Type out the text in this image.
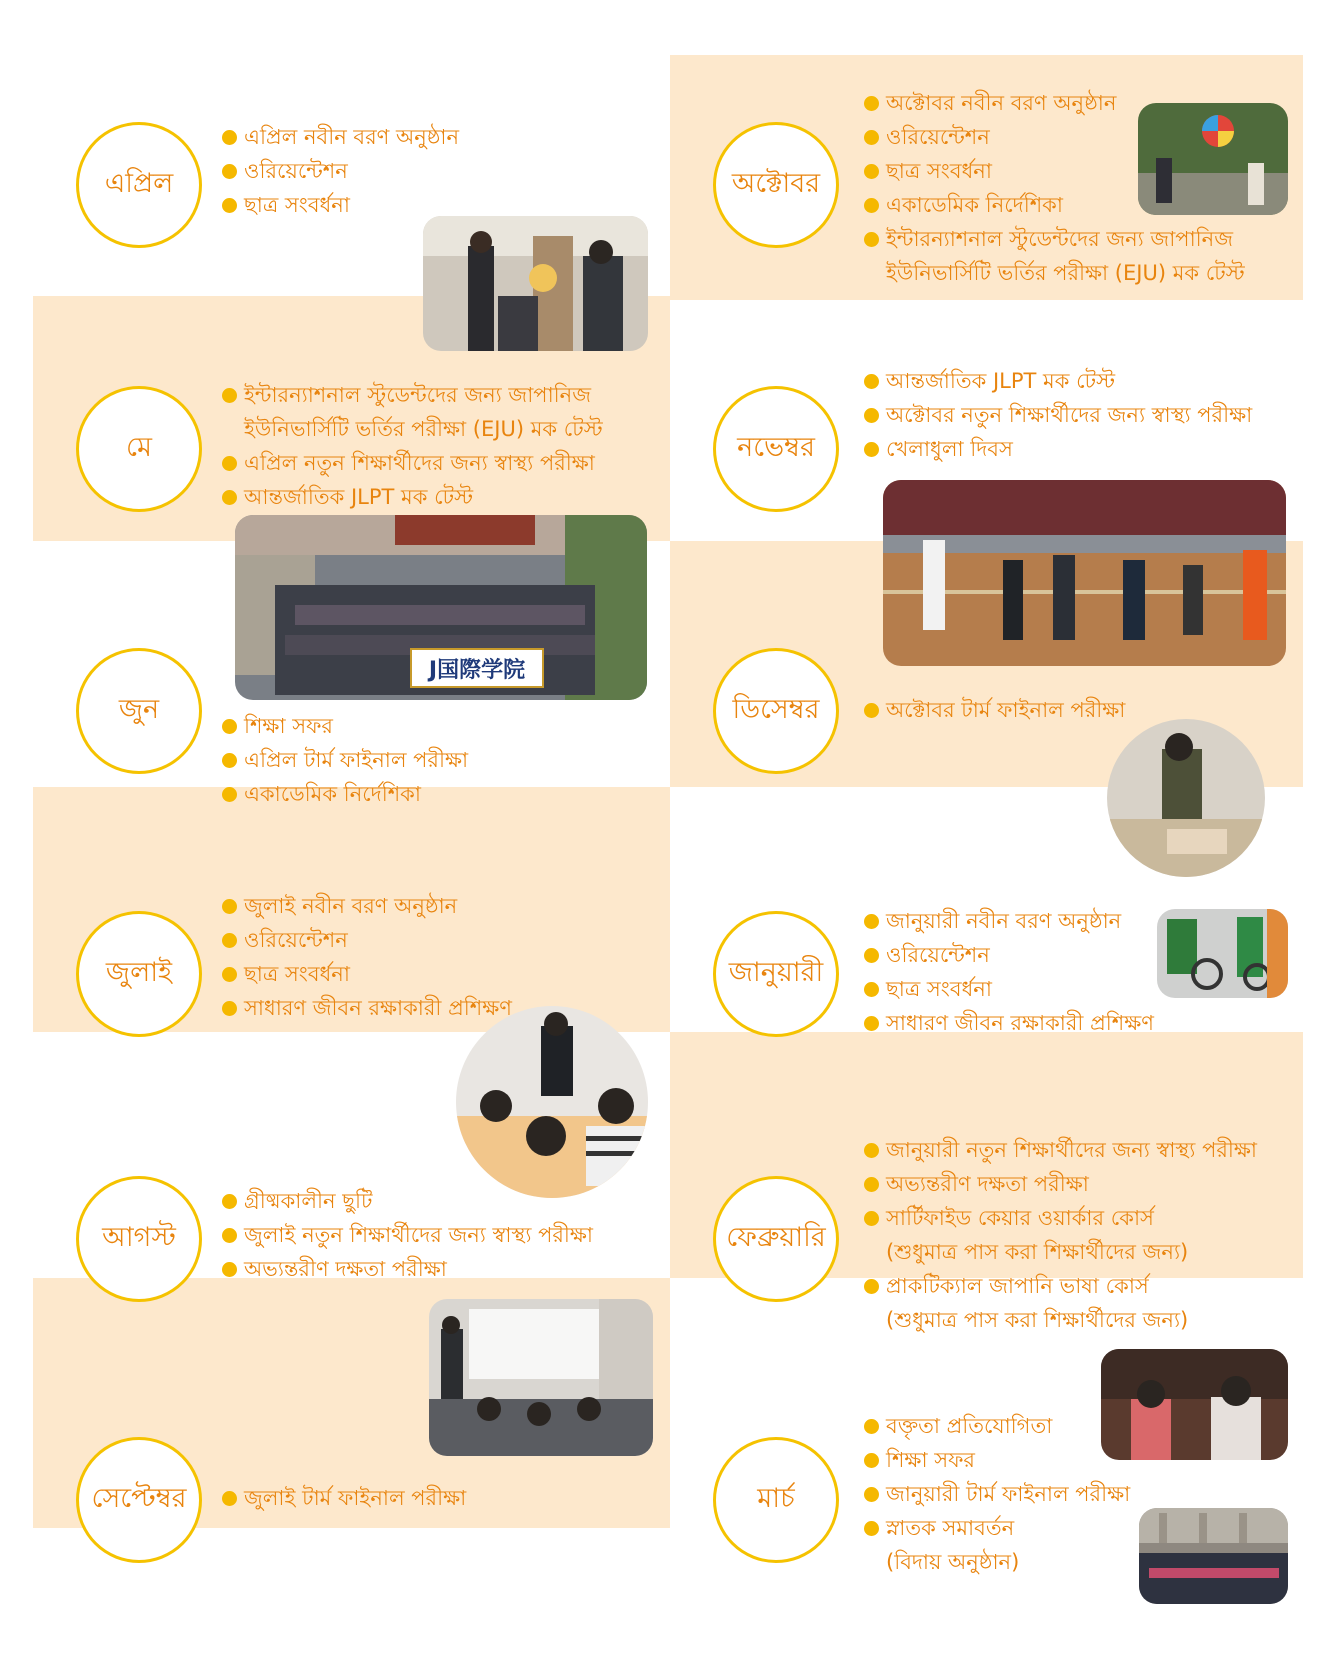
এপ্রিল
মে
জুন
জুলাই
আগস্ট
সেপ্টেম্বর
অক্টোবর
নভেম্বর
ডিসেম্বর
জানুয়ারী
ফেব্রুয়ারি
মার্চ
এপ্রিল নবীন বরণ অনুষ্ঠান
ওরিয়েন্টেশন
ছাত্র সংবর্ধনা
ইন্টারন্যাশনাল স্টুডেন্টদের জন্য জাপানিজ
ইউনিভার্সিটি ভর্তির পরীক্ষা (EJU) মক টেস্ট
এপ্রিল নতুন শিক্ষার্থীদের জন্য স্বাস্থ্য পরীক্ষা
আন্তর্জাতিক JLPT মক টেস্ট
শিক্ষা সফর
এপ্রিল টার্ম ফাইনাল পরীক্ষা
একাডেমিক নির্দেশিকা
জুলাই নবীন বরণ অনুষ্ঠান
ওরিয়েন্টেশন
ছাত্র সংবর্ধনা
সাধারণ জীবন রক্ষাকারী প্রশিক্ষণ
গ্রীষ্মকালীন ছুটি
জুলাই নতুন শিক্ষার্থীদের জন্য স্বাস্থ্য পরীক্ষা
অভ্যন্তরীণ দক্ষতা পরীক্ষা
জুলাই টার্ম ফাইনাল পরীক্ষা
অক্টোবর নবীন বরণ অনুষ্ঠান
ওরিয়েন্টেশন
ছাত্র সংবর্ধনা
একাডেমিক নির্দেশিকা
ইন্টারন্যাশনাল স্টুডেন্টদের জন্য জাপানিজ
ইউনিভার্সিটি ভর্তির পরীক্ষা (EJU) মক টেস্ট
আন্তর্জাতিক JLPT মক টেস্ট
অক্টোবর নতুন শিক্ষার্থীদের জন্য স্বাস্থ্য পরীক্ষা
খেলাধুলা দিবস
অক্টোবর টার্ম ফাইনাল পরীক্ষা
জানুয়ারী নবীন বরণ অনুষ্ঠান
ওরিয়েন্টেশন
ছাত্র সংবর্ধনা
সাধারণ জীবন রক্ষাকারী প্রশিক্ষণ
জানুয়ারী নতুন শিক্ষার্থীদের জন্য স্বাস্থ্য পরীক্ষা
অভ্যন্তরীণ দক্ষতা পরীক্ষা
সার্টিফাইড কেয়ার ওয়ার্কার কোর্স
(শুধুমাত্র পাস করা শিক্ষার্থীদের জন্য)
প্রাকটিক্যাল জাপানি ভাষা কোর্স
(শুধুমাত্র পাস করা শিক্ষার্থীদের জন্য)
বক্তৃতা প্রতিযোগিতা
শিক্ষা সফর
জানুয়ারী টার্ম ফাইনাল পরীক্ষা
স্নাতক সমাবর্তন
(বিদায় অনুষ্ঠান)
J国際学院
